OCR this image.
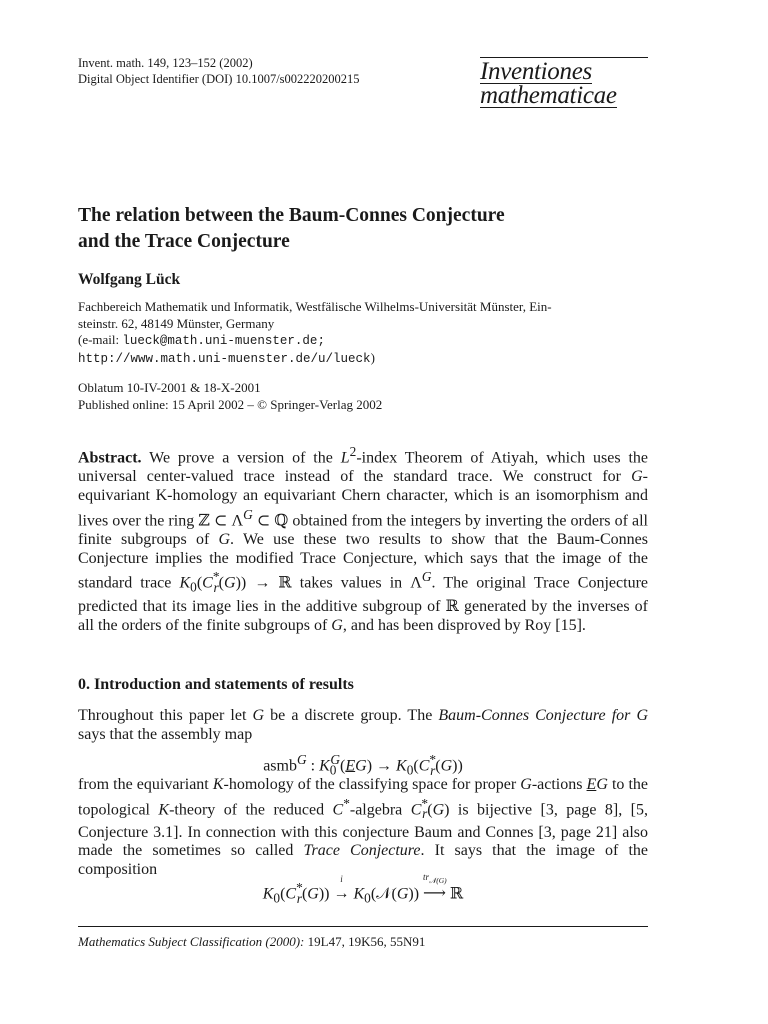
Invent. math. 149, 123–152 (2002)
Digital Object Identifier (DOI) 10.1007/s002220200215	Inventiones
mathematicae
The relation between the Baum-Connes Conjecture
and the Trace Conjecture
Wolfgang Lück
Fachbereich Mathematik und Informatik, Westfälische Wilhelms-Universität Münster, Ein-
steinstr. 62, 48149 Münster, Germany
(e-mail: lueck@math.uni-muenster.de;
http://www.math.uni-muenster.de/u/lueck)
Oblatum 10-IV-2001 & 18-X-2001
Published online: 15 April 2002 – © Springer-Verlag 2002
Abstract. We prove a version of the $L^2$-index Theorem of Atiyah, which uses the universal center-valued trace instead of the standard trace. We construct for G-equivariant K-homology an equivariant Chern character, which is an isomorphism and lives over the ring ℤ ⊂ $\Lambda^G$ ⊂ ℚ obtained from the integers by inverting the orders of all finite subgroups of G. We use these two results to show that the Baum-Connes Conjecture implies the modified Trace Conjecture, which says that the image of the standard trace $K_0(C^*_r(G))$ → ℝ takes values in $\Lambda^G$. The original Trace Conjecture predicted that its image lies in the additive subgroup of ℝ generated by the inverses of all the orders of the finite subgroups of G, and has been disproved by Roy [15].
0. Introduction and statements of results
Throughout this paper let G be a discrete group. The Baum-Connes Conjecture for G says that the assembly map
asmb$^G$ : $K_0^G(EG) \to K_0(C^*_r(G))$
from the equivariant K-homology of the classifying space for proper G-actions EG to the topological K-theory of the reduced C*-algebra $C^*_r(G)$ is bijective [3, page 8], [5, Conjecture 3.1]. In connection with this conjecture Baum and Connes [3, page 21] also made the sometimes so called Trace Conjecture. It says that the image of the composition
$K_0(C^*_r(G))$
i
→ $K_0(𝒩(G))$
$tr_{𝒩(G)}$
⟶ ℝ
Mathematics Subject Classification (2000): 19L47, 19K56, 55N91
